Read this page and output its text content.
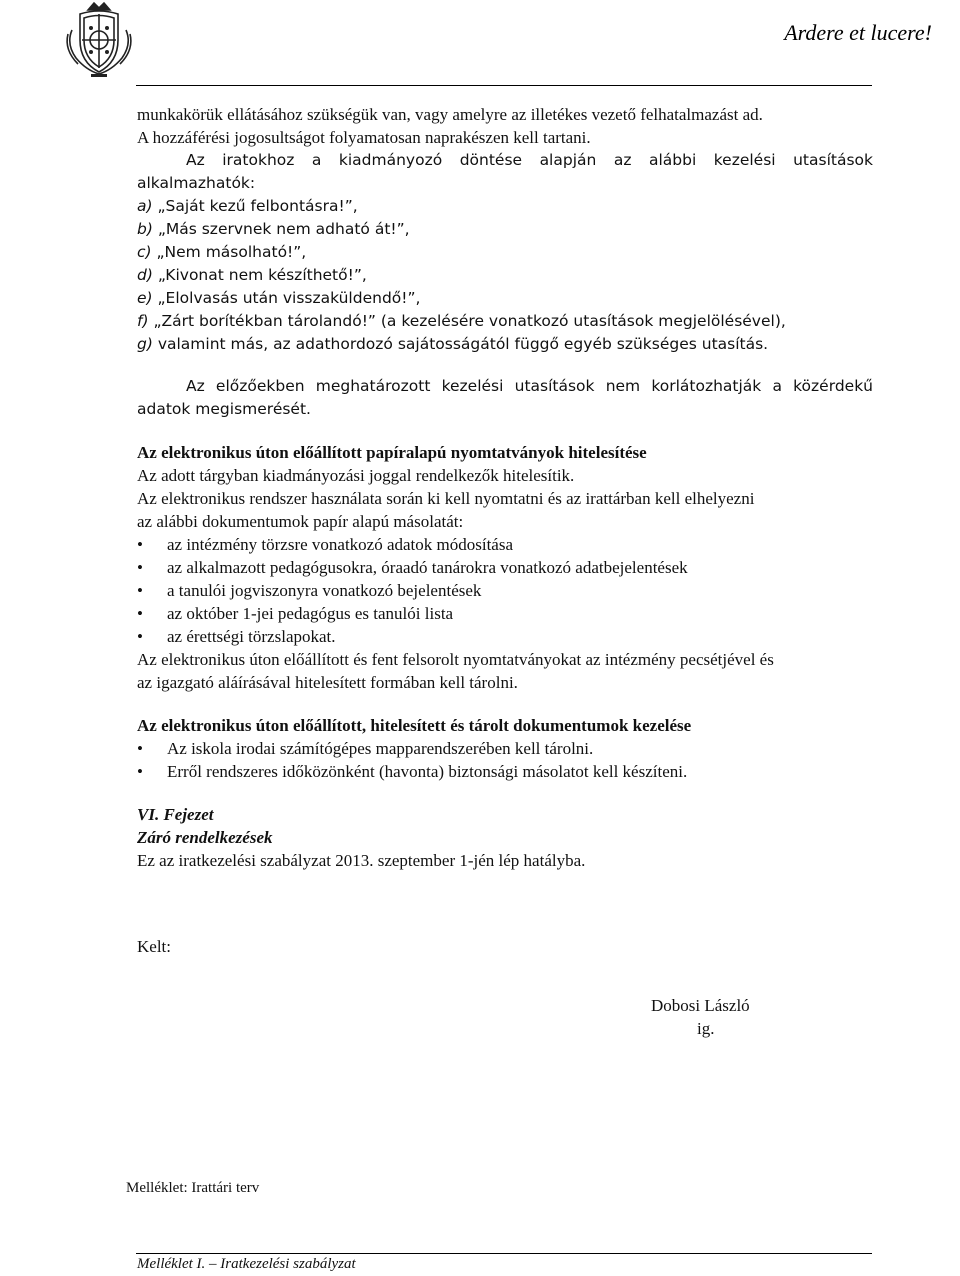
Ardere et lucere!
munkakörük ellátásához szükségük van, vagy amelyre az illetékes vezető felhatalmazást ad.
A hozzáférési jogosultságot folyamatosan naprakészen kell tartani.
Az iratokhoz a kiadmányozó döntése alapján az alábbi kezelési utasítások
alkalmazhatók:
a) „Saját kezű felbontásra!”,
b) „Más szervnek nem adható át!”,
c) „Nem másolható!”,
d) „Kivonat nem készíthető!”,
e) „Elolvasás után visszaküldendő!”,
f) „Zárt borítékban tárolandó!” (a kezelésére vonatkozó utasítások megjelölésével),
g) valamint más, az adathordozó sajátosságától függő egyéb szükséges utasítás.
Az előzőekben meghatározott kezelési utasítások nem korlátozhatják a közérdekű
adatok megismerését.
Az elektronikus úton előállított papíralapú nyomtatványok hitelesítése
Az adott tárgyban kiadmányozási joggal rendelkezők hitelesítik.
Az elektronikus rendszer használata során ki kell nyomtatni és az irattárban kell elhelyezni
az alábbi dokumentumok papír alapú másolatát:
• az intézmény törzsre vonatkozó adatok módosítása
• az alkalmazott pedagógusokra, óraadó tanárokra vonatkozó adatbejelentések
• a tanulói jogviszonyra vonatkozó bejelentések
• az október 1-jei pedagógus es tanulói lista
• az érettségi törzslapokat.
Az elektronikus úton előállított és fent felsorolt nyomtatványokat az intézmény pecsétjével és
az igazgató aláírásával hitelesített formában kell tárolni.
Az elektronikus úton előállított, hitelesített és tárolt dokumentumok kezelése
• Az iskola irodai számítógépes mapparendszerében kell tárolni.
• Erről rendszeres időközönként (havonta) biztonsági másolatot kell készíteni.
VI. Fejezet
Záró rendelkezések
Ez az iratkezelési szabályzat 2013. szeptember 1-jén lép hatályba.
Kelt:
Dobosi László
ig.
Melléklet: Irattári terv
Melléklet I. – Iratkezelési szabályzat
